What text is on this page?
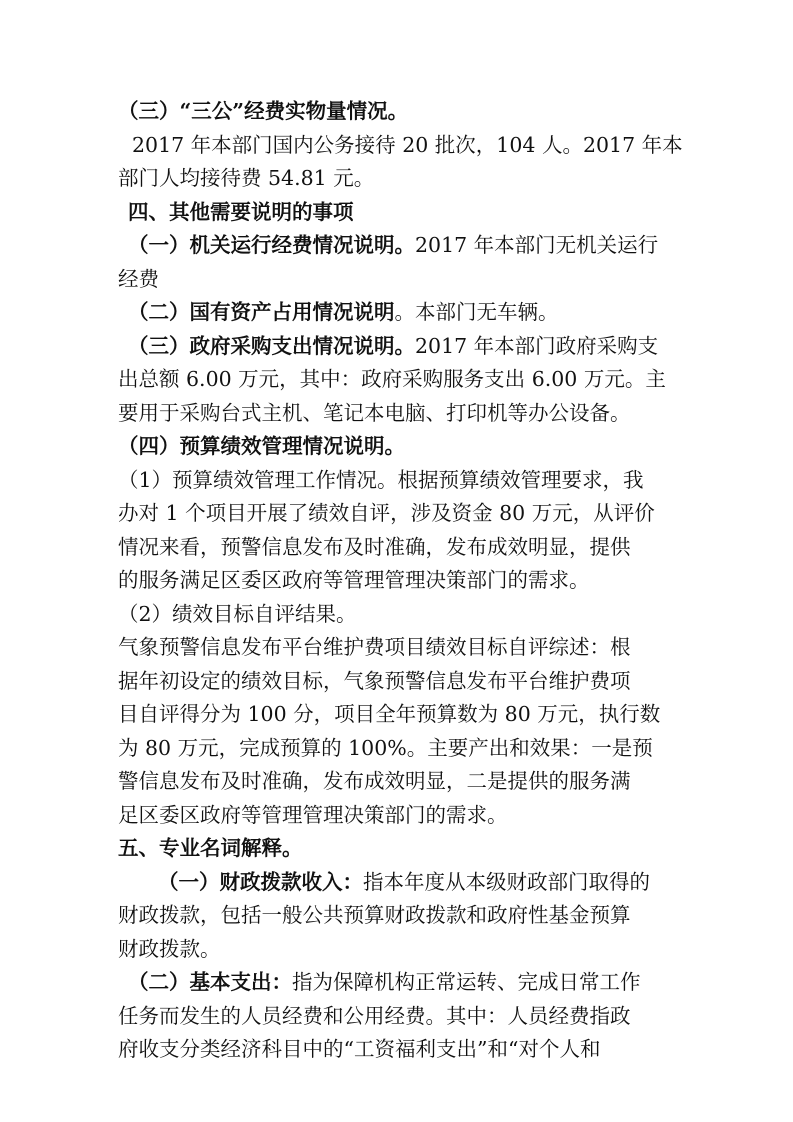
（三）“三公”经费实物量情况。
2017 年本部门国内公务接待 20 批次，104 人。2017 年本
部门人均接待费 54.81 元。
四、其他需要说明的事项
（一）机关运行经费情况说明。2017 年本部门无机关运行
经费
（二）国有资产占用情况说明。本部门无车辆。
（三）政府采购支出情况说明。2017 年本部门政府采购支
出总额 6.00 万元，其中：政府采购服务支出 6.00 万元。主
要用于采购台式主机、笔记本电脑、打印机等办公设备。
（四）预算绩效管理情况说明。
（1）预算绩效管理工作情况。根据预算绩效管理要求，我
办对 1 个项目开展了绩效自评，涉及资金 80 万元，从评价
情况来看，预警信息发布及时准确，发布成效明显，提供
的服务满足区委区政府等管理管理决策部门的需求。
（2）绩效目标自评结果。
气象预警信息发布平台维护费项目绩效目标自评综述：根
据年初设定的绩效目标，气象预警信息发布平台维护费项
目自评得分为 100 分，项目全年预算数为 80 万元，执行数
为 80 万元，完成预算的 100%。主要产出和效果：一是预
警信息发布及时准确，发布成效明显，二是提供的服务满
足区委区政府等管理管理决策部门的需求。
五、专业名词解释。
（一）财政拨款收入：指本年度从本级财政部门取得的
财政拨款，包括一般公共预算财政拨款和政府性基金预算
财政拨款。
（二）基本支出：指为保障机构正常运转、完成日常工作
任务而发生的人员经费和公用经费。其中：人员经费指政
府收支分类经济科目中的“工资福利支出”和“对个人和
